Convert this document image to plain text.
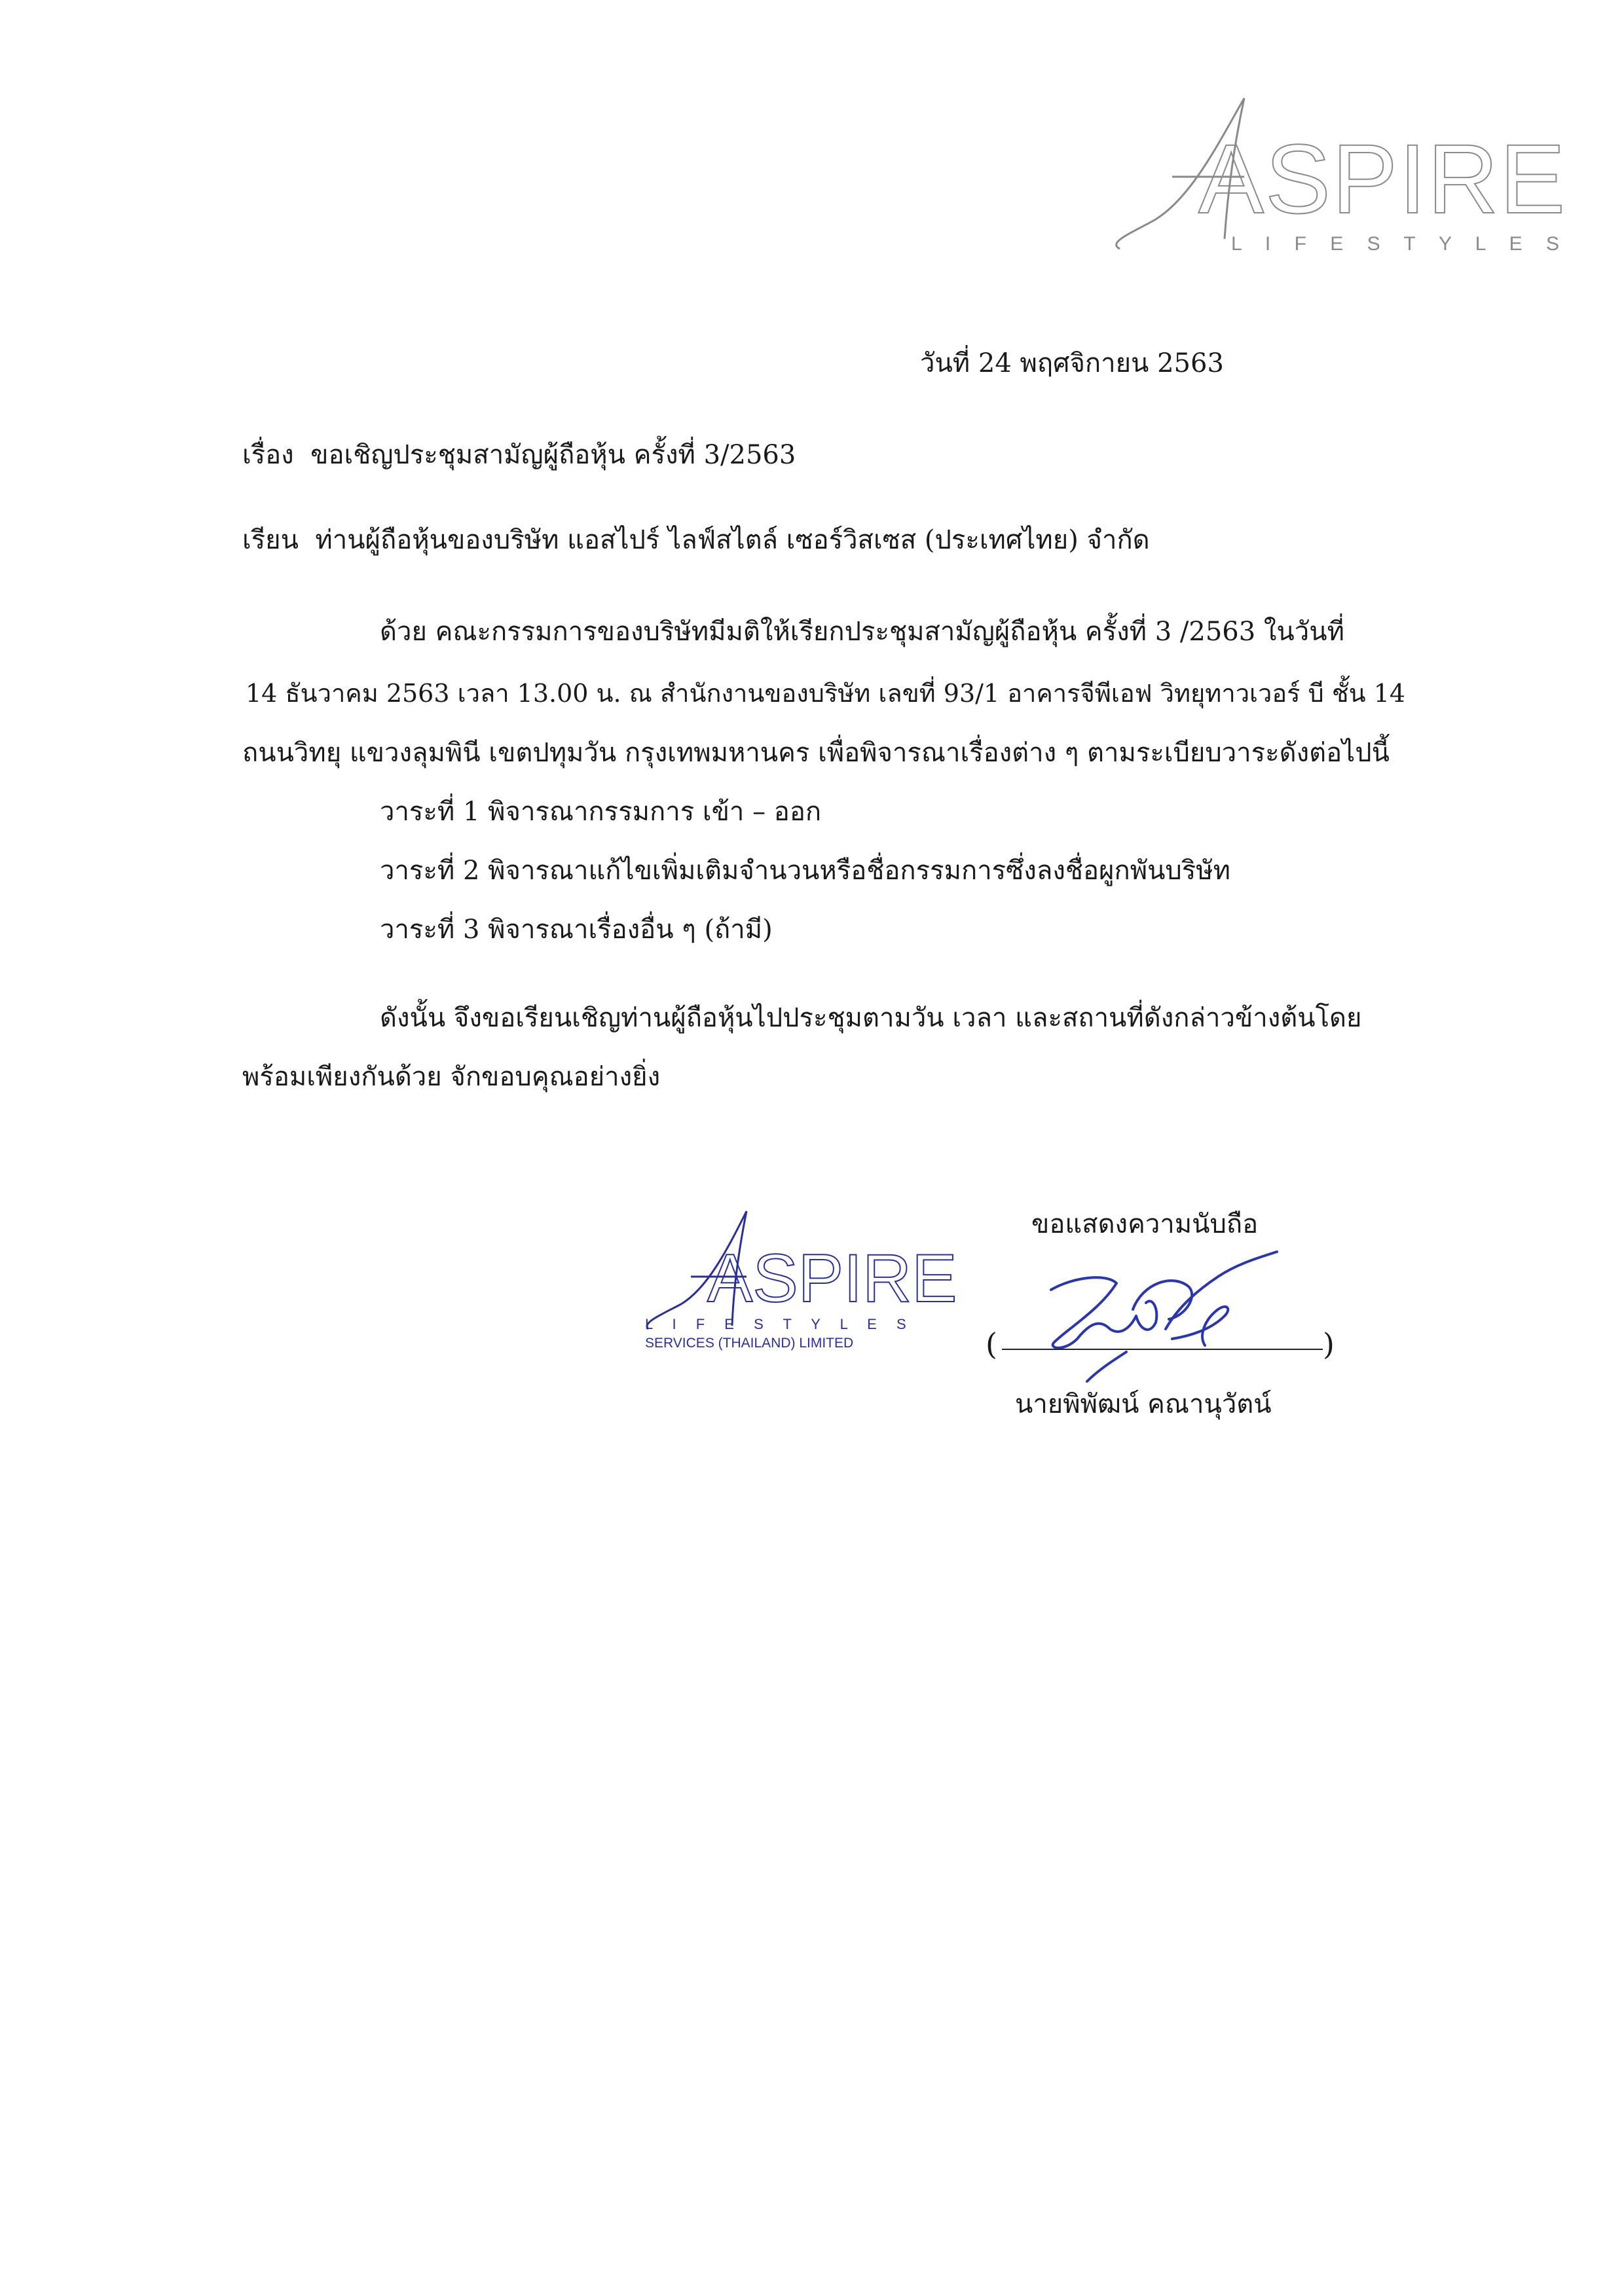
ASPIRE
L I F E S T Y L E S
วันที่ 24 พฤศจิกายน 2563
เรื่อง ขอเชิญประชุมสามัญผู้ถือหุ้น ครั้งที่ 3/2563
เรียน ท่านผู้ถือหุ้นของบริษัท แอสไปร์ ไลฟ์สไตล์ เซอร์วิสเซส (ประเทศไทย) จำกัด
ด้วย คณะกรรมการของบริษัทมีมติให้เรียกประชุมสามัญผู้ถือหุ้น ครั้งที่ 3 /2563 ในวันที่
14 ธันวาคม 2563 เวลา 13.00 น. ณ สำนักงานของบริษัท เลขที่ 93/1 อาคารจีพีเอฟ วิทยุทาวเวอร์ บี ชั้น 14
ถนนวิทยุ แขวงลุมพินี เขตปทุมวัน กรุงเทพมหานคร เพื่อพิจารณาเรื่องต่าง ๆ ตามระเบียบวาระดังต่อไปนี้
วาระที่ 1 พิจารณากรรมการ เข้า – ออก
วาระที่ 2 พิจารณาแก้ไขเพิ่มเติมจำนวนหรือชื่อกรรมการซึ่งลงชื่อผูกพันบริษัท
วาระที่ 3 พิจารณาเรื่องอื่น ๆ (ถ้ามี)
ดังนั้น จึงขอเรียนเชิญท่านผู้ถือหุ้นไปประชุมตามวัน เวลา และสถานที่ดังกล่าวข้างต้นโดย
พร้อมเพียงกันด้วย จักขอบคุณอย่างยิ่ง
ขอแสดงความนับถือ
ASPIRE
L I F E S T Y L E S
SERVICES (THAILAND) LIMITED	(	)
นายพิพัฒน์ คณานุวัตน์
